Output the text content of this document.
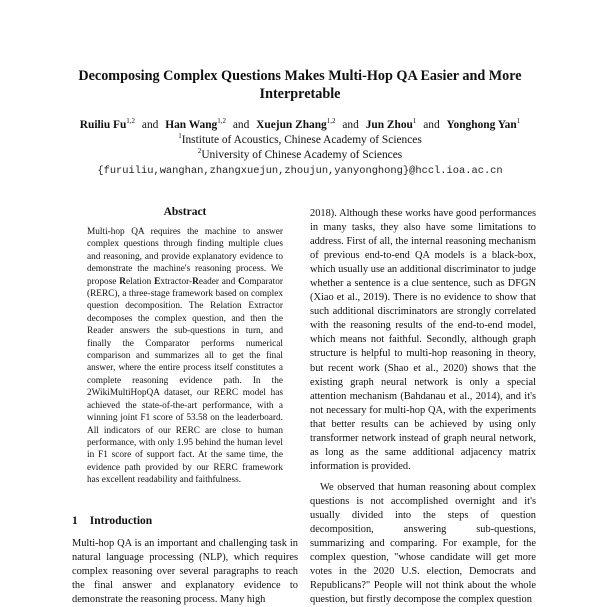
Decomposing Complex Questions Makes Multi-Hop QA Easier and More Interpretable
Ruiliu Fu$^{1,2}$ and Han Wang$^{1,2}$ and Xuejun Zhang$^{1,2}$ and Jun Zhou$^1$ and Yonghong Yan$^1$
$^1$Institute of Acoustics, Chinese Academy of Sciences
$^2$University of Chinese Academy of Sciences
{furuiliu,wanghan,zhangxuejun,zhoujun,yanyonghong}@hccl.ioa.ac.cn
Abstract
Multi-hop QA requires the machine to answer complex questions through finding multiple clues and reasoning, and provide explanatory evidence to demonstrate the machine's reasoning process. We propose Relation Extractor-Reader and Comparator (RERC), a three-stage framework based on complex question decomposition. The Relation Extractor decomposes the complex question, and then the Reader answers the sub-questions in turn, and finally the Comparator performs numerical comparison and summarizes all to get the final answer, where the entire process itself constitutes a complete reasoning evidence path. In the 2WikiMultiHopQA dataset, our RERC model has achieved the state-of-the-art performance, with a winning joint F1 score of 53.58 on the leaderboard. All indicators of our RERC are close to human performance, with only 1.95 behind the human level in F1 score of support fact. At the same time, the evidence path provided by our RERC framework has excellent readability and faithfulness.
1 Introduction
Multi-hop QA is an important and challenging task in natural language processing (NLP), which requires complex reasoning over several paragraphs to reach the final answer and explanatory evidence to demonstrate the reasoning process. Many high

2018). Although these works have good performances in many tasks, they also have some limitations to address. First of all, the internal reasoning mechanism of previous end-to-end QA models is a black-box, which usually use an additional discriminator to judge whether a sentence is a clue sentence, such as DFGN (Xiao et al., 2019). There is no evidence to show that such additional discriminators are strongly correlated with the reasoning results of the end-to-end model, which means not faithful. Secondly, although graph structure is helpful to multi-hop reasoning in theory, but recent work (Shao et al., 2020) shows that the existing graph neural network is only a special attention mechanism (Bahdanau et al., 2014), and it's not necessary for multi-hop QA, with the experiments that better results can be achieved by using only transformer network instead of graph neural network, as long as the same additional adjacency matrix information is provided.

We observed that human reasoning about complex questions is not accomplished overnight and it's usually divided into the steps of question decomposition, answering sub-questions, summarizing and comparing. For example, for the complex question, "whose candidate will get more votes in the 2020 U.S. election, Democrats and Republicans?" People will not think about the whole question, but firstly decompose the complex question
